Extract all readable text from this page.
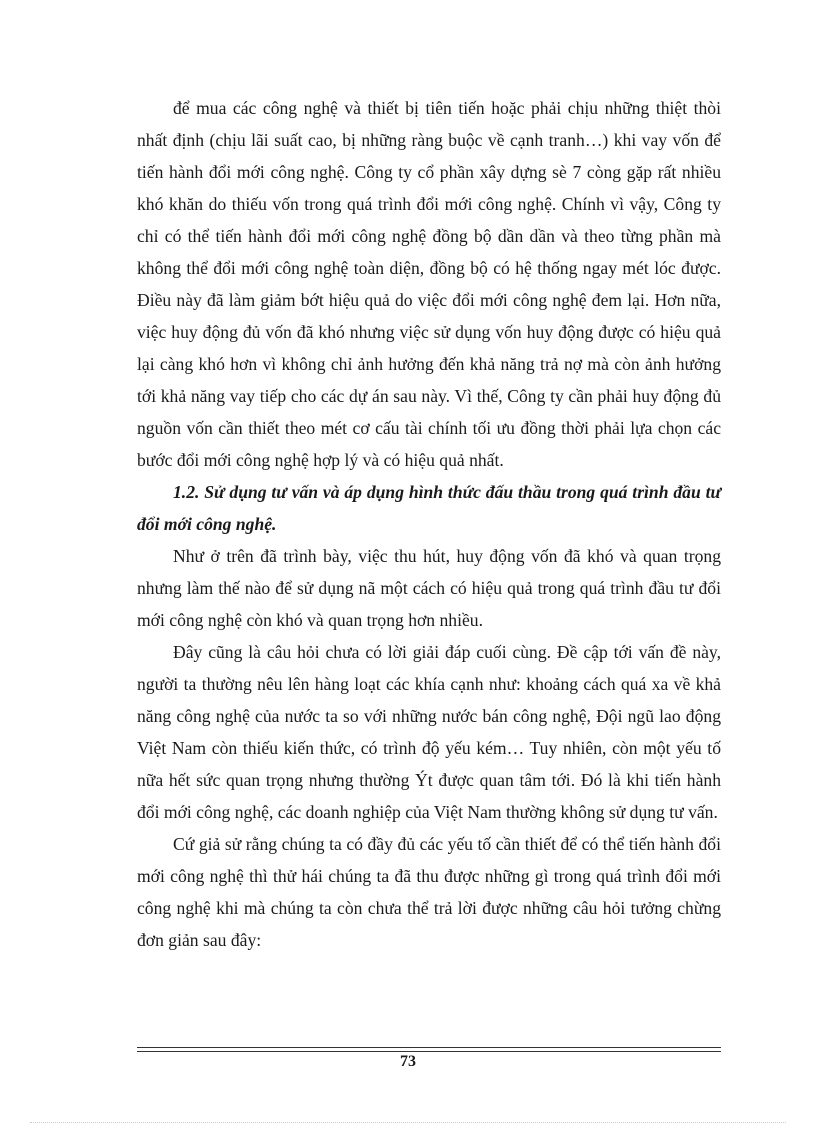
để mua các công nghệ và thiết bị tiên tiến hoặc phải chịu những thiệt thòi nhất định (chịu lãi suất cao, bị những ràng buộc về cạnh tranh…) khi vay vốn để tiến hành đổi mới công nghệ. Công ty cổ phần xây dựng sè 7 còng gặp rất nhiều khó khăn do thiếu vốn trong quá trình đổi mới công nghệ. Chính vì vậy, Công ty chỉ có thể tiến hành đổi mới công nghệ đồng bộ dần dần và theo từng phần mà không thể đổi mới công nghệ toàn diện, đồng bộ có hệ thống ngay mét lóc được. Điều này đã làm giảm bớt hiệu quả do việc đổi mới công nghệ đem lại. Hơn nữa, việc huy động đủ vốn đã khó nhưng việc sử dụng vốn huy động được có hiệu quả lại càng khó hơn vì không chỉ ảnh hưởng đến khả năng trả nợ mà còn ảnh hưởng tới khả năng vay tiếp cho các dự án sau này. Vì thế, Công ty cần phải huy động đủ nguồn vốn cần thiết theo mét cơ cấu tài chính tối ưu đồng thời phải lựa chọn các bước đổi mới công nghệ hợp lý và có hiệu quả nhất.

1.2. Sử dụng tư vấn và áp dụng hình thức đấu thầu trong quá trình đầu tư đổi mới công nghệ.

Như ở trên đã trình bày, việc thu hút, huy động vốn đã khó và quan trọng nhưng làm thế nào để sử dụng nã một cách có hiệu quả trong quá trình đầu tư đổi mới công nghệ còn khó và quan trọng hơn nhiều.

Đây cũng là câu hỏi chưa có lời giải đáp cuối cùng. Đề cập tới vấn đề này, người ta thường nêu lên hàng loạt các khía cạnh như: khoảng cách quá xa về khả năng công nghệ của nước ta so với những nước bán công nghệ, Đội ngũ lao động Việt Nam còn thiếu kiến thức, có trình độ yếu kém… Tuy nhiên, còn một yếu tố nữa hết sức quan trọng nhưng thường Ýt được quan tâm tới. Đó là khi tiến hành đổi mới công nghệ, các doanh nghiệp của Việt Nam thường không sử dụng tư vấn.

Cứ giả sử rằng chúng ta có đầy đủ các yếu tố cần thiết để có thể tiến hành đổi mới công nghệ thì thử hái chúng ta đã thu được những gì trong quá trình đổi mới công nghệ khi mà chúng ta còn chưa thể trả lời được những câu hỏi tưởng chừng đơn giản sau đây:

73
